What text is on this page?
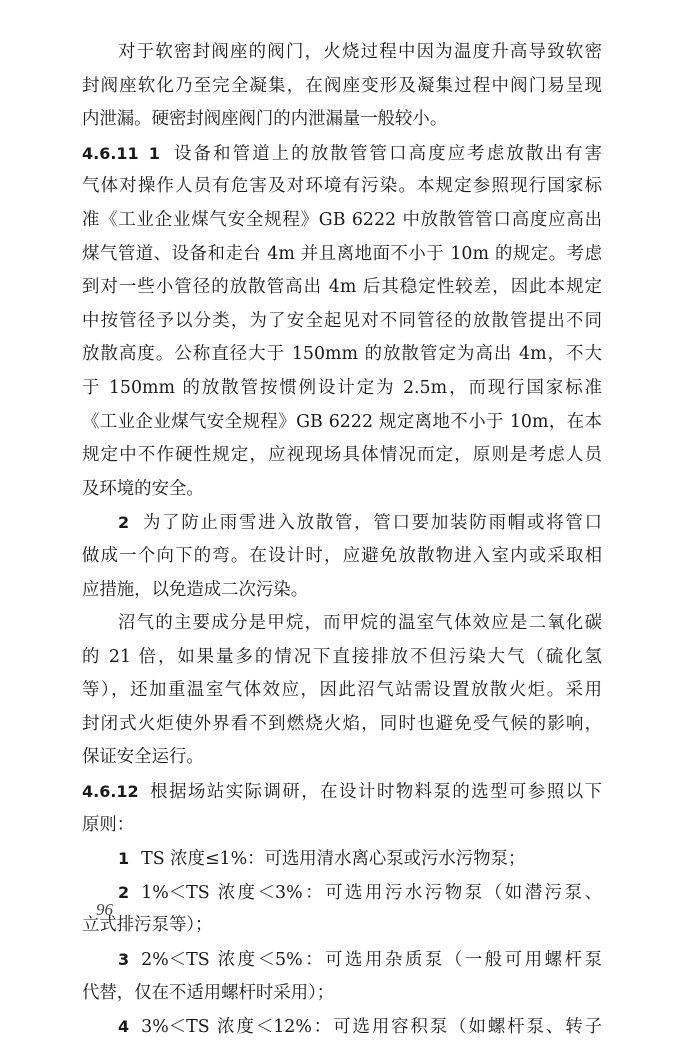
对于软密封阀座的阀门，火烧过程中因为温度升高导致软密
封阀座软化乃至完全凝集，在阀座变形及凝集过程中阀门易呈现
内泄漏。硬密封阀座阀门的内泄漏量一般较小。
4.6.11 1 设备和管道上的放散管管口高度应考虑放散出有害
气体对操作人员有危害及对环境有污染。本规定参照现行国家标
准《工业企业煤气安全规程》GB 6222 中放散管管口高度应高出
煤气管道、设备和走台 4m 并且离地面不小于 10m 的规定。考虑
到对一些小管径的放散管高出 4m 后其稳定性较差，因此本规定
中按管径予以分类，为了安全起见对不同管径的放散管提出不同
放散高度。公称直径大于 150mm 的放散管定为高出 4m，不大
于 150mm 的放散管按惯例设计定为 2.5m，而现行国家标准
《工业企业煤气安全规程》GB 6222 规定离地不小于 10m，在本
规定中不作硬性规定，应视现场具体情况而定，原则是考虑人员
及环境的安全。
2 为了防止雨雪进入放散管，管口要加装防雨帽或将管口
做成一个向下的弯。在设计时，应避免放散物进入室内或采取相
应措施，以免造成二次污染。
沼气的主要成分是甲烷，而甲烷的温室气体效应是二氧化碳
的 21 倍，如果量多的情况下直接排放不但污染大气（硫化氢
等），还加重温室气体效应，因此沼气站需设置放散火炬。采用
封闭式火炬使外界看不到燃烧火焰，同时也避免受气候的影响，
保证安全运行。
4.6.12 根据场站实际调研，在设计时物料泵的选型可参照以下
原则：
1 TS 浓度≤1%：可选用清水离心泵或污水污物泵；
2 1%＜TS 浓度＜3%：可选用污水污物泵（如潜污泵、
立式排污泵等）；
3 2%＜TS 浓度＜5%：可选用杂质泵（一般可用螺杆泵
代替，仅在不适用螺杆时采用）；
4 3%＜TS 浓度＜12%：可选用容积泵（如螺杆泵、转子
96
